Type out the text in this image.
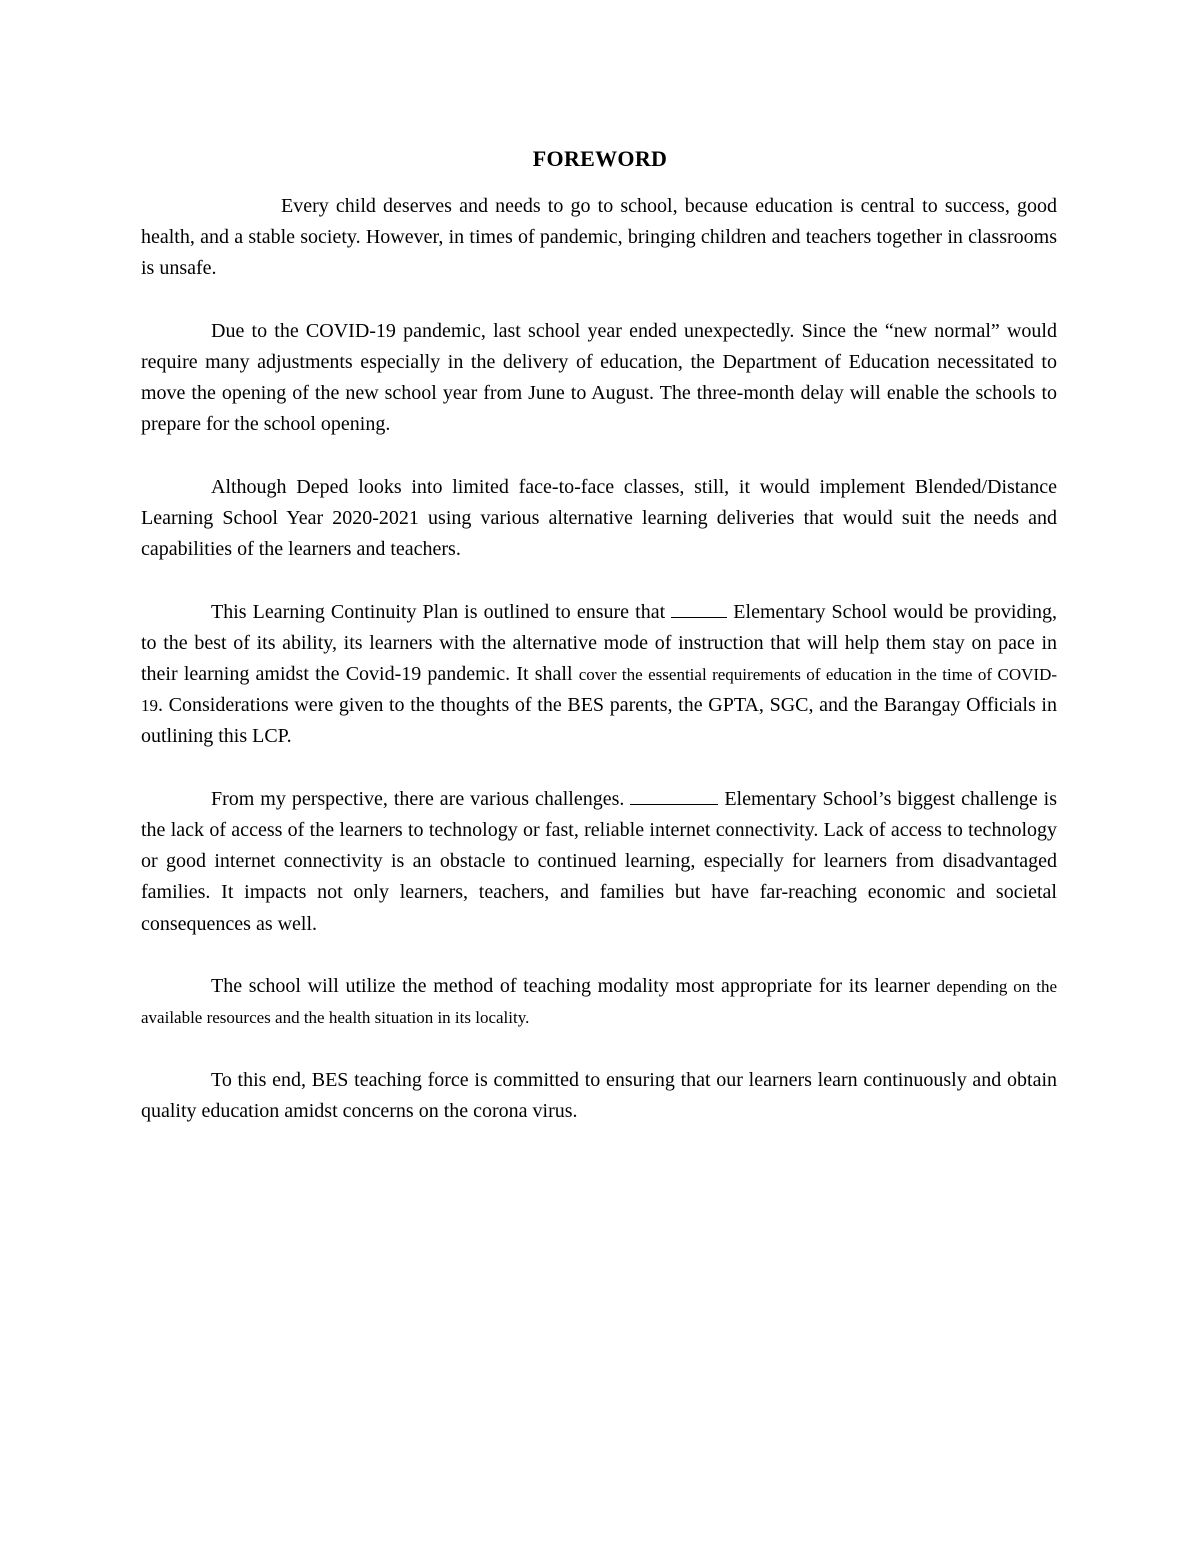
FOREWORD

Every child deserves and needs to go to school, because education is central to success, good health, and a stable society. However, in times of pandemic, bringing children and teachers together in classrooms is unsafe.

Due to the COVID-19 pandemic, last school year ended unexpectedly. Since the “new normal” would require many adjustments especially in the delivery of education, the Department of Education necessitated to move the opening of the new school year from June to August. The three-month delay will enable the schools to prepare for the school opening.

Although Deped looks into limited face-to-face classes, still, it would implement Blended/Distance Learning School Year 2020-2021 using various alternative learning deliveries that would suit the needs and capabilities of the learners and teachers.

This Learning Continuity Plan is outlined to ensure that	Elementary School would be providing, to the best of its ability, its learners with the alternative mode of instruction that will help them stay on pace in their learning amidst the Covid-19 pandemic. It shall cover the essential requirements of education in the time of COVID-19. Considerations were given to the thoughts of the BES parents, the GPTA, SGC, and the Barangay Officials in outlining this LCP.

From my perspective, there are various challenges.	Elementary School’s biggest challenge is the lack of access of the learners to technology or fast, reliable internet connectivity. Lack of access to technology or good internet connectivity is an obstacle to continued learning, especially for learners from disadvantaged families. It impacts not only learners, teachers, and families but have far-reaching economic and societal consequences as well.

The school will utilize the method of teaching modality most appropriate for its learner depending on the available resources and the health situation in its locality.

To this end, BES teaching force is committed to ensuring that our learners learn continuously and obtain quality education amidst concerns on the corona virus.
